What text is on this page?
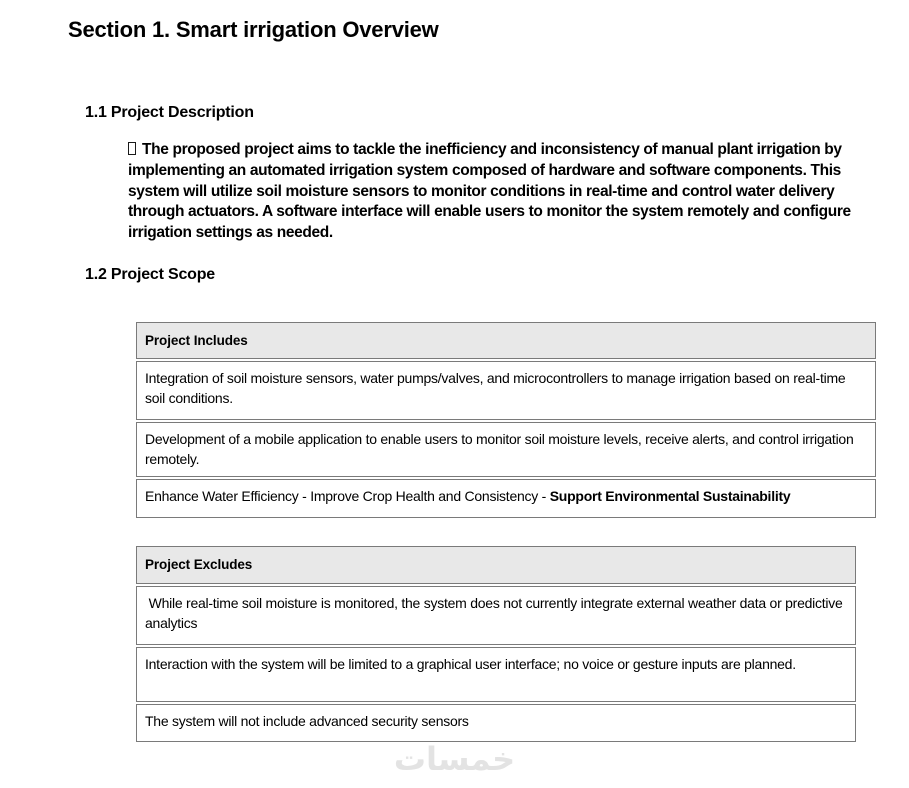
Section 1. Smart irrigation Overview
1.1 Project Description

The proposed project aims to tackle the inefficiency and inconsistency of manual plant irrigation by implementing an automated irrigation system composed of hardware and software components. This system will utilize soil moisture sensors to monitor conditions in real-time and control water delivery through actuators. A software interface will enable users to monitor the system remotely and configure irrigation settings as needed.

1.2 Project Scope
Project Includes
Integration of soil moisture sensors, water pumps/valves, and microcontrollers to manage irrigation based on real-time soil conditions.
Development of a mobile application to enable users to monitor soil moisture levels, receive alerts, and control irrigation remotely.
Enhance Water Efficiency - Improve Crop Health and Consistency - Support Environmental Sustainability
Project Excludes
While real-time soil moisture is monitored, the system does not currently integrate external weather data or predictive analytics
Interaction with the system will be limited to a graphical user interface; no voice or gesture inputs are planned.
The system will not include advanced security sensors
خمسات
